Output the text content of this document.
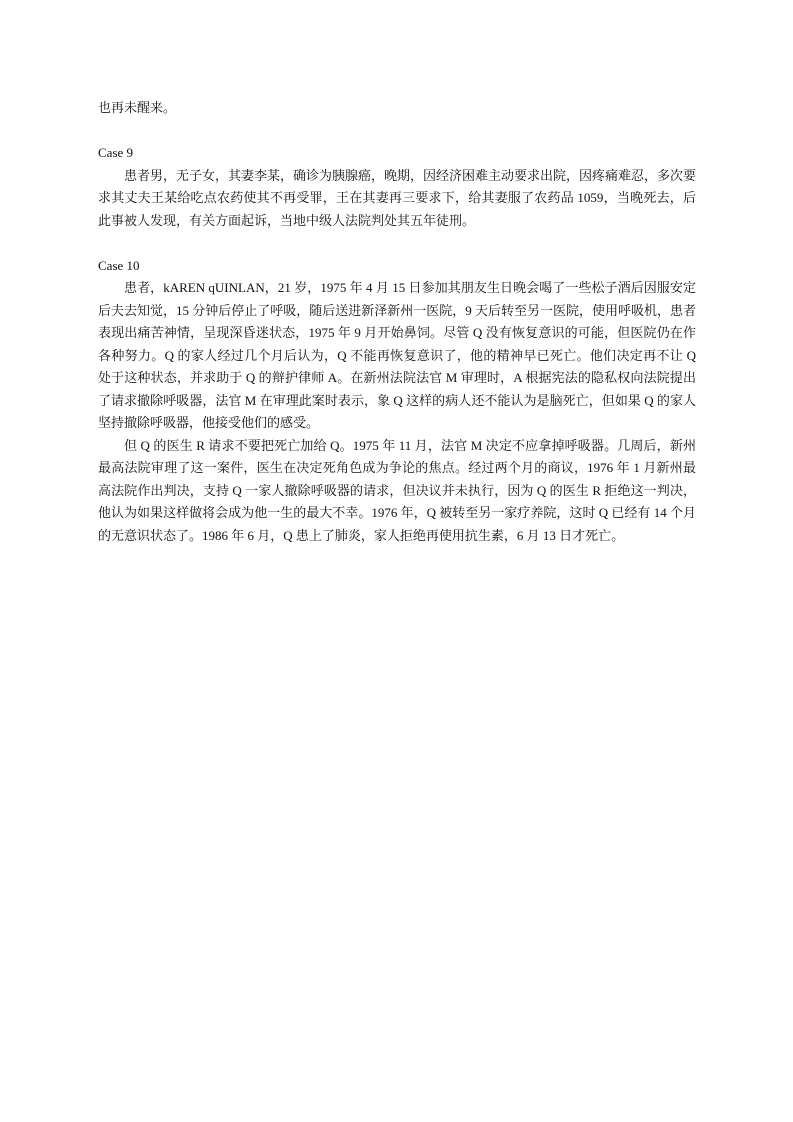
也再未醒来。

Case 9

患者男，无子女，其妻李某，确诊为胰腺癌，晚期，因经济困难主动要求出院，因疼痛难忍，多次要求其丈夫王某给吃点农药使其不再受罪，王在其妻再三要求下，给其妻服了农药品 1059，当晚死去，后此事被人发现，有关方面起诉，当地中级人法院判处其五年徒刑。

Case 10

患者，kAREN qUINLAN，21 岁，1975 年 4 月 15 日参加其朋友生日晚会喝了一些松子酒后因服安定后夫去知觉，15 分钟后停止了呼吸，随后送进新泽新州一医院，9 天后转至另一医院，使用呼吸机，患者表现出痛苦神情，呈现深昏迷状态，1975 年 9 月开始鼻饲。尽管 Q 没有恢复意识的可能，但医院仍在作各种努力。Q 的家人经过几个月后认为，Q 不能再恢复意识了，他的精神早已死亡。他们决定再不让 Q 处于这种状态，并求助于 Q 的辩护律师 A。在新州法院法官 M 审理时，A 根据宪法的隐私权向法院提出了请求撤除呼吸器，法官 M 在审理此案时表示，象 Q 这样的病人还不能认为是脑死亡，但如果 Q 的家人坚持撤除呼吸器，他接受他们的感受。

但 Q 的医生 R 请求不要把死亡加给 Q。1975 年 11 月，法官 M 决定不应拿掉呼吸器。几周后，新州最高法院审理了这一案件，医生在决定死角色成为争论的焦点。经过两个月的商议，1976 年 1 月新州最高法院作出判决，支持 Q 一家人撤除呼吸器的请求，但决议并未执行，因为 Q 的医生 R 拒绝这一判决，他认为如果这样做将会成为他一生的最大不幸。1976 年，Q 被转至另一家疗养院，这时 Q 已经有 14 个月的无意识状态了。1986 年 6 月，Q 患上了肺炎，家人拒绝再使用抗生素，6 月 13 日才死亡。
